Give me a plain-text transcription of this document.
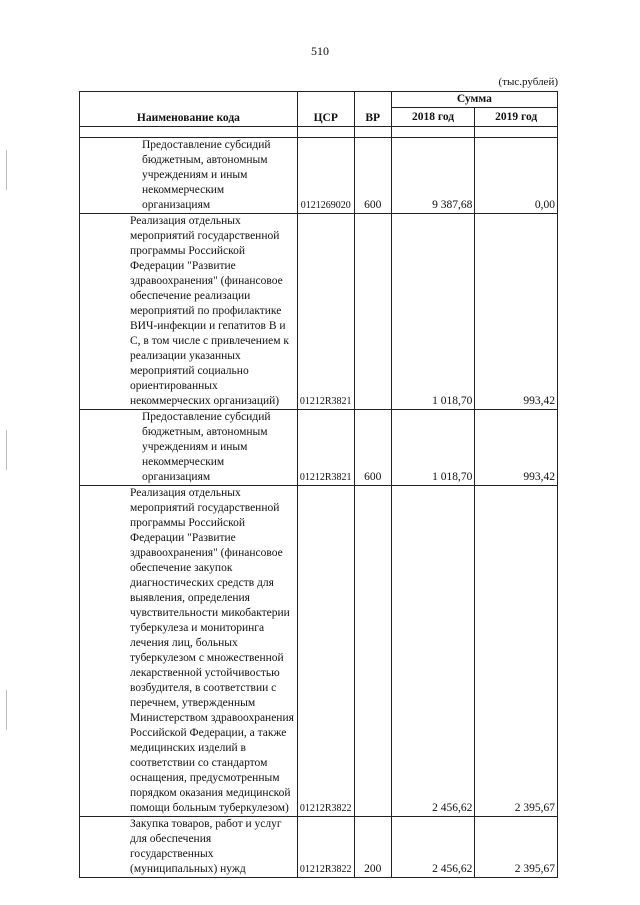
510
(тыс.рублей)
Наименование кода	ЦСР	ВР	Сумма	
			2018 год	2019 год

Предоставление субсидий бюджетным, автономным учреждениям и иным некоммерческим организациям	0121269020	600	9 387,68	0,00
Реализация отдельных мероприятий государственной программы Российской Федерации "Развитие здравоохранения" (финансовое обеспечение реализации мероприятий по профилактике ВИЧ-инфекции и гепатитов В и С, в том числе с привлечением к реализации указанных мероприятий социально ориентированных некоммерческих организаций)	01212R3821		1 018,70	993,42
Предоставление субсидий бюджетным, автономным учреждениям и иным некоммерческим организациям	01212R3821	600	1 018,70	993,42
Реализация отдельных мероприятий государственной программы Российской Федерации "Развитие здравоохранения" (финансовое обеспечение закупок диагностических средств для выявления, определения чувствительности микобактерии туберкулеза и мониторинга лечения лиц, больных туберкулезом с множественной лекарственной устойчивостью возбудителя, в соответствии с перечнем, утвержденным Министерством здравоохранения Российской Федерации, а также медицинских изделий в соответствии со стандартом оснащения, предусмотренным порядком оказания медицинской помощи больным туберкулезом)	01212R3822		2 456,62	2 395,67
Закупка товаров, работ и услуг для обеспечения государственных (муниципальных) нужд	01212R3822	200	2 456,62	2 395,67
